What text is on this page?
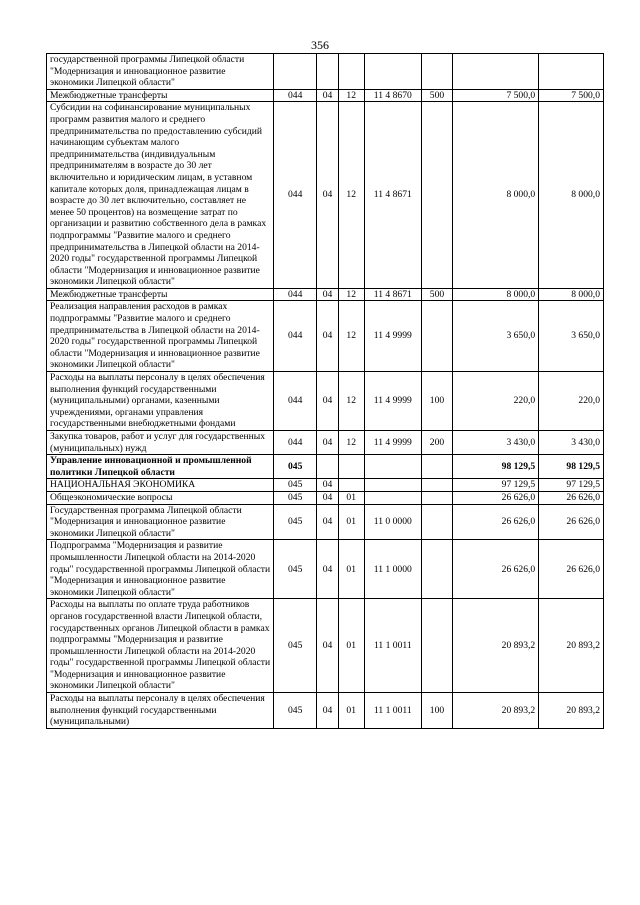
356
государственной программы Липецкой области "Модернизация и инновационное развитие экономики Липецкой области"							
Межбюджетные трансферты	044	04	12	11 4 8670	500	7 500,0	7 500,0
Субсидии на софинансирование муниципальных программ развития малого и среднего предпринимательства по предоставлению субсидий начинающим субъектам малого предпринимательства (индивидуальным предпринимателям в возрасте до 30 лет включительно и юридическим лицам, в уставном капитале которых доля, принадлежащая лицам в возрасте до 30 лет включительно, составляет не менее 50 процентов) на возмещение затрат по организации и развитию собственного дела в рамках подпрограммы "Развитие малого и среднего предпринимательства в Липецкой области на 2014-2020 годы" государственной программы Липецкой области "Модернизация и инновационное развитие экономики Липецкой области"	044	04	12	11 4 8671		8 000,0	8 000,0
Межбюджетные трансферты	044	04	12	11 4 8671	500	8 000,0	8 000,0
Реализация направления расходов в рамках подпрограммы "Развитие малого и среднего предпринимательства в Липецкой области на 2014-2020 годы" государственной программы Липецкой области "Модернизация и инновационное развитие экономики Липецкой области"	044	04	12	11 4 9999		3 650,0	3 650,0
Расходы на выплаты персоналу в целях обеспечения выполнения функций государственными (муниципальными) органами, казенными учреждениями, органами управления государственными внебюджетными фондами	044	04	12	11 4 9999	100	220,0	220,0
Закупка товаров, работ и услуг для государственных (муниципальных) нужд	044	04	12	11 4 9999	200	3 430,0	3 430,0
Управление инновационной и промышленной политики Липецкой области	045					98 129,5	98 129,5
НАЦИОНАЛЬНАЯ ЭКОНОМИКА	045	04				97 129,5	97 129,5
Общеэкономические вопросы	045	04	01			26 626,0	26 626,0
Государственная программа Липецкой области "Модернизация и инновационное развитие экономики Липецкой области"	045	04	01	11 0 0000		26 626,0	26 626,0
Подпрограмма "Модернизация и развитие промышленности Липецкой области на 2014-2020 годы" государственной программы Липецкой области "Модернизация и инновационное развитие экономики Липецкой области"	045	04	01	11 1 0000		26 626,0	26 626,0
Расходы на выплаты по оплате труда работников органов государственной власти Липецкой области, государственных органов Липецкой области в рамках подпрограммы "Модернизация и развитие промышленности Липецкой области на 2014-2020 годы" государственной программы Липецкой области "Модернизация и инновационное развитие экономики Липецкой области"	045	04	01	11 1 0011		20 893,2	20 893,2
Расходы на выплаты персоналу в целях обеспечения выполнения функций государственными (муниципальными)	045	04	01	11 1 0011	100	20 893,2	20 893,2
